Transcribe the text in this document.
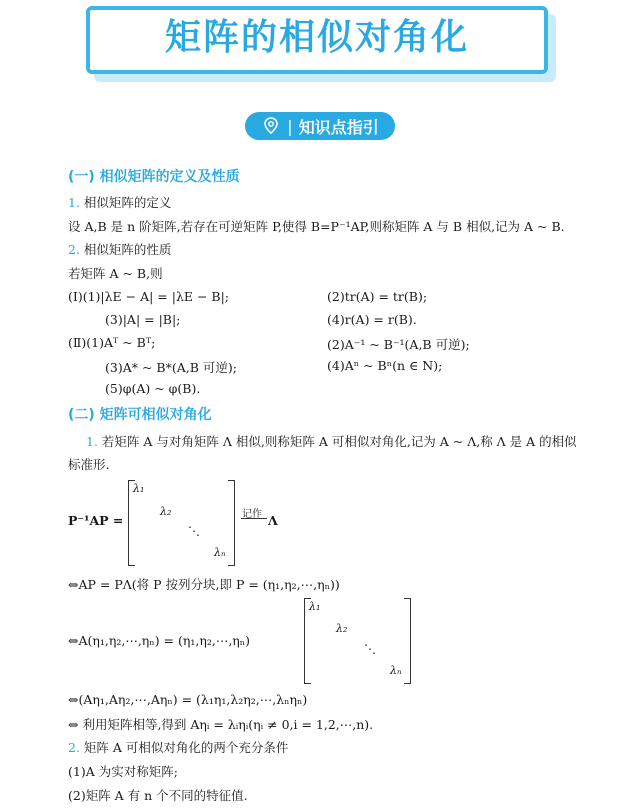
矩阵的相似对角化
| 知识点指引
(一) 相似矩阵的定义及性质
1. 相似矩阵的定义
设 A,B 是 n 阶矩阵,若存在可逆矩阵 P,使得 B=P⁻¹AP,则称矩阵 A 与 B 相似,记为 A ~ B.
2. 相似矩阵的性质
若矩阵 A ~ B,则
(Ⅰ)(1)|λE − A| = |λE − B|;	(2)tr(A) = tr(B);
(3)|A| = |B|;	(4)r(A) = r(B).
(Ⅱ)(1)Aᵀ ~ Bᵀ;	(2)A⁻¹ ~ B⁻¹(A,B 可逆);
(3)A* ~ B*(A,B 可逆);	(4)Aⁿ ~ Bⁿ(n ∈ N);
(5)φ(A) ~ φ(B).
(二) 矩阵可相似对角化
1. 若矩阵 A 与对角矩阵 Λ 相似,则称矩阵 A 可相似对角化,记为 A ~ Λ,称 Λ 是 A 的相似
标准形.
P⁻¹AP =
λ₁
λ₂
⋱
λₙ
记作 Λ
⇔AP = PΛ(将 P 按列分块,即 P = (η₁,η₂,⋯,ηₙ))
⇔A(η₁,η₂,⋯,ηₙ) = (η₁,η₂,⋯,ηₙ)
λ₁
λ₂
⋱
λₙ
⇔(Aη₁,Aη₂,⋯,Aηₙ) = (λ₁η₁,λ₂η₂,⋯,λₙηₙ)
⇔ 利用矩阵相等,得到 Aηᵢ = λᵢηᵢ(ηᵢ ≠ 0,i = 1,2,⋯,n).
2. 矩阵 A 可相似对角化的两个充分条件
(1)A 为实对称矩阵;
(2)矩阵 A 有 n 个不同的特征值.
